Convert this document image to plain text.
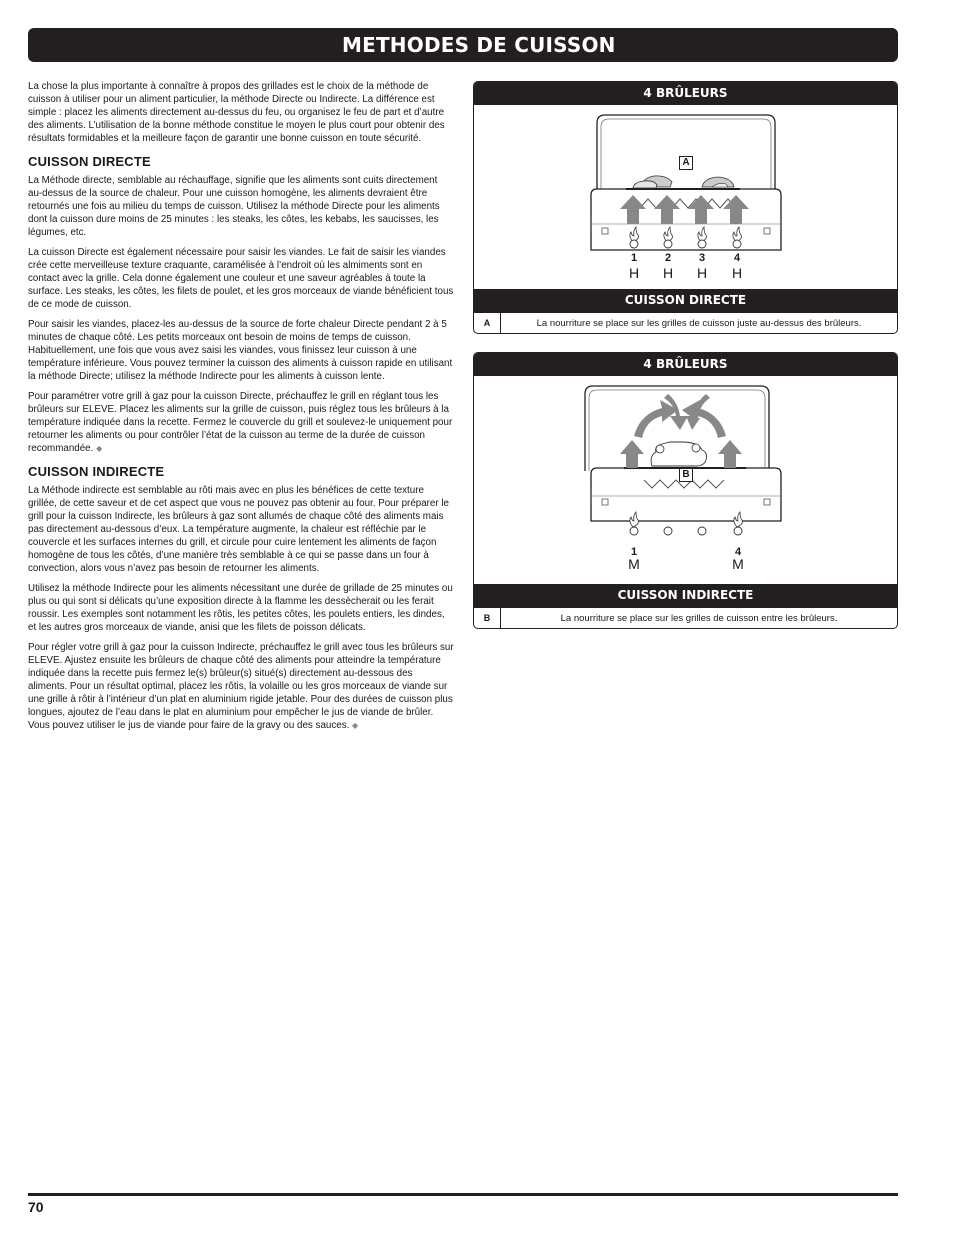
METHODES DE CUISSON

La chose la plus importante à connaître à propos des grillades est le choix de la méthode de cuisson à utiliser pour un aliment particulier, la méthode Directe ou Indirecte. La différence est simple : placez les aliments directement au-dessus du feu, ou organisez le feu de part et d’autre des aliments. L’utilisation de la bonne méthode constitue le moyen le plus court pour obtenir des résultats formidables et la meilleure façon de garantir une bonne cuisson en toute sécurité.

CUISSON DIRECTE

La Méthode directe, semblable au réchauffage, signifie que les aliments sont cuits directement au-dessus de la source de chaleur. Pour une cuisson homogène, les aliments devraient être retournés une fois au milieu du temps de cuisson. Utilisez la méthode Directe pour les aliments dont la cuisson dure moins de 25 minutes : les steaks, les côtes, les kebabs, les saucisses, les légumes, etc.

La cuisson Directe est également nécessaire pour saisir les viandes. Le fait de saisir les viandes crée cette merveilleuse texture craquante, caramélisée à l’endroit où les almiments sont en contact avec la grille. Cela donne également une couleur et une saveur agréables à toute la surface. Les steaks, les côtes, les filets de poulet, et les gros morceaux de viande bénéficient tous de ce mode de cuisson.

Pour saisir les viandes, placez-les au-dessus de la source de forte chaleur Directe pendant 2 à 5 minutes de chaque côté. Les petits morceaux ont besoin de moins de temps de cuisson. Habituellement, une fois que vous avez saisi les viandes, vous finissez leur cuisson à une température inférieure. Vous pouvez terminer la cuisson des aliments à cuisson rapide en utilisant la méthode Directe; utilisez la méthode Indirecte pour les aliments à cuisson lente.

Pour paramétrer votre grill à gaz pour la cuisson Directe, préchauffez le grill en réglant tous les brûleurs sur ELEVE. Placez les aliments sur la grille de cuisson, puis réglez tous les brûleurs à la température indiquée dans la recette. Fermez le couvercle du grill et soulevez-le uniquement pour retourner les aliments ou pour contrôler l’état de la cuisson au terme de la durée de cuisson recommandée. ◆

CUISSON INDIRECTE

La Méthode indirecte est semblable au rôti mais avec en plus les bénéfices de cette texture grillée, de cette saveur et de cet aspect que vous ne pouvez pas obtenir au four. Pour préparer le grill pour la cuisson Indirecte, les brûleurs à gaz sont allumés de chaque côté des aliments mais pas directement au-dessous d’eux. La température augmente, la chaleur est réfléchie par le couvercle et les surfaces internes du grill, et circule pour cuire lentement les aliments de façon homogène de tous les côtés, d’une manière très semblable à ce qui se passe dans un four à convection, alors vous n’avez pas besoin de retourner les aliments.

Utilisez la méthode Indirecte pour les aliments nécessitant une durée de grillade de 25 minutes ou plus ou qui sont si délicats qu’une exposition directe à la flamme les dessècherait ou les ferait roussir. Les exemples sont notamment les rôtis, les petites côtes, les poulets entiers, les dindes, et les autres gros morceaux de viande, anisi que les filets de poisson délicats.

Pour régler votre grill à gaz pour la cuisson Indirecte, préchauffez le grill avec tous les brûleurs sur ELEVE. Ajustez ensuite les brûleurs de chaque côté des aliments pour atteindre la température indiquée dans la recette puis fermez le(s) brûleur(s) situé(s) directement au-dessous des aliments. Pour un résultat optimal, placez les rôtis, la volaille ou les gros morceaux de viande sur une grille à rôtir à l’intérieur d’un plat en aluminium rigide jetable. Pour des durées de cuisson plus longues, ajoutez de l’eau dans le plat en aluminium pour empêcher le jus de viande de brûler. Vous pouvez utiliser le jus de viande pour faire de la gravy ou des sauces. ◆

4 BRÛLEURS
A
1	2	3	4
H	H	H	H
CUISSON DIRECTE
A	La nourriture se place sur les grilles de cuisson juste au-dessus des brûleurs.
4 BRÛLEURS
B
1	4
M	M
CUISSON INDIRECTE
B	La nourriture se place sur les grilles de cuisson entre les brûleurs.
70
